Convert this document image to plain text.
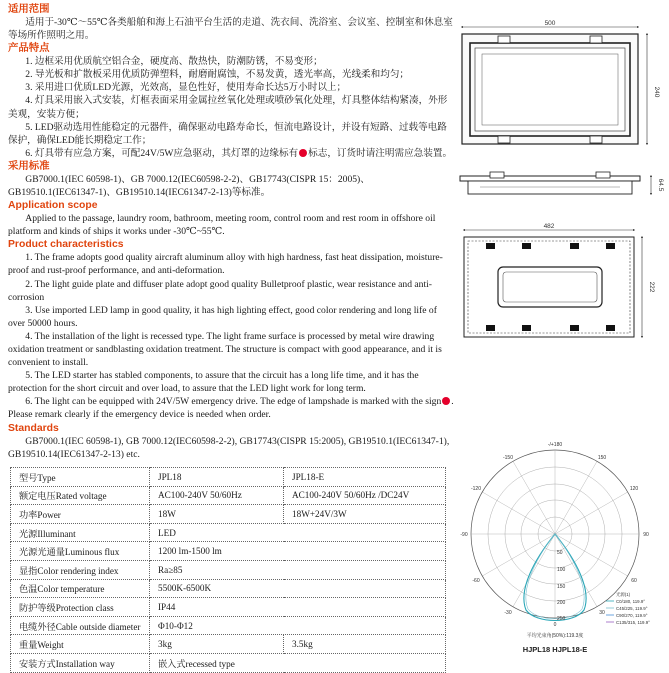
适用范围

适用于-30℃～55℃各类船舶和海上石油平台生活的走道、洗衣间、洗浴室、会议室、控制室和休息室等场所作照明之用。

产品特点

1. 边框采用优质航空铝合金，硬度高、散热快，防潮防锈，不易变形；

2. 导光板和扩散板采用优质防弹塑料，耐磨耐腐蚀，不易发黄，透光率高，光线柔和均匀；

3. 采用进口优质LED光源，光效高，显色性好，使用寿命长达5万小时以上；

4. 灯具采用嵌入式安装，灯框表面采用金属拉丝氧化处理或喷砂氧化处理，灯具整体结构紧凑，外形美观，安装方便；

5. LED驱动选用性能稳定的元器件，确保驱动电路寿命长，恒流电路设计，并设有短路、过载等电路保护，确保LED能长期稳定工作；

6. 灯具带有应急方案，可配24V/5W应急驱动，其灯罩的边缘标有 标志，订货时请注明需应急装置。

采用标准

GB7000.1(IEC 60598-1)、GB 7000.12(IEC60598-2-2)、GB17743(CISPR 15：2005)、GB19510.1(IEC61347-1)、GB19510.14(IEC61347-2-13)等标准。

Application scope

Applied to the passage, laundry room, bathroom, meeting room, control room and rest room in offshore oil platform and kinds of ships it works under -30℃~55℃.

Product characteristics

1. The frame adopts good quality aircraft aluminum alloy with high hardness, fast heat dissipation, moisture-proof and rust-proof performance, and anti-deformation.

2. The light guide plate and diffuser plate adopt good quality Bulletproof plastic, wear resistance and anti-corrosion

3. Use imported LED lamp in good quality, it has high lighting effect, good color rendering and long life of over 50000 hours.

4. The installation of the light is recessed type. The light frame surface is processed by metal wire drawing oxidation treatment or sandblasting oxidation treatment. The structure is compact with good appearance, and it is convenient to install.

5. The LED starter has stabled components, to assure that the circuit has a long life time, and it has the protection for the short circuit and over load, to assure that the LED light work for long term.

6. The light can be equipped with 24V/5W emergency drive. The edge of lampshade is marked with the sign . Please remark clearly if the emergency device is needed when order.

Standards

GB7000.1(IEC 60598-1), GB 7000.12(IEC60598-2-2), GB17743(CISPR 15:2005), GB19510.1(IEC61347-1), GB19510.14(IEC61347-2-13) etc.

型号Type	JPL18	JPL18-E
额定电压Rated voltage	AC100-240V 50/60Hz	AC100-240V 50/60Hz /DC24V
功率Power	18W	18W+24V/3W
光源Illuminant	LED	
光源光通量Luminous flux	1200 lm-1500 lm	
显指Color rendering index	Ra≥85	
色温Color temperature	5500K-6500K	
防护等级Protection class	IP44	
电缆外径Cable outside diameter	Φ10-Φ12	
重量Weight	3kg	3.5kg
安装方式Installation way	嵌入式recessed type	
500
240
64.5
482
222
-/+180
-150	150
-120	120
-90	90
-60	60
-30	30
0
50
100
150
200
250
光源(1)
C0/180, 119.9°
C45/225, 119.9°
C90/270, 119.9°
C135/315, 119.9°
平均光束角(50%):119.3度
HJPL18 HJPL18-E
